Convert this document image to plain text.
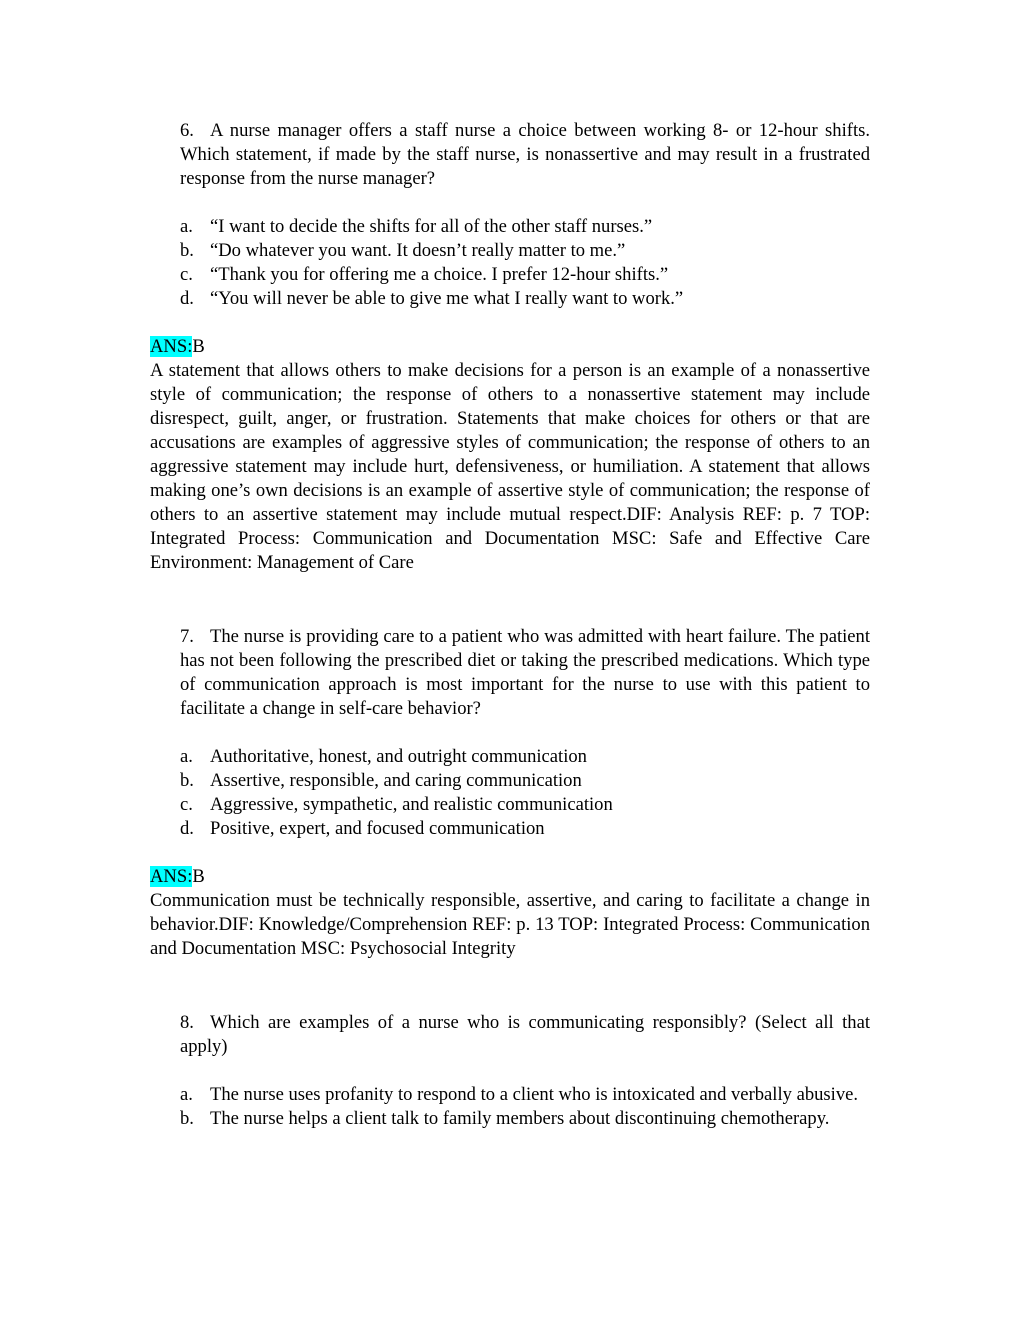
6. A nurse manager offers a staff nurse a choice between working 8- or 12-hour shifts. Which statement, if made by the staff nurse, is nonassertive and may result in a frustrated response from the nurse manager?
a. “I want to decide the shifts for all of the other staff nurses.”
b. “Do whatever you want. It doesn’t really matter to me.”
c. “Thank you for offering me a choice. I prefer 12-hour shifts.”
d. “You will never be able to give me what I really want to work.”
ANS:B
A statement that allows others to make decisions for a person is an example of a nonassertive style of communication; the response of others to a nonassertive statement may include disrespect, guilt, anger, or frustration. Statements that make choices for others or that are accusations are examples of aggressive styles of communication; the response of others to an aggressive statement may include hurt, defensiveness, or humiliation. A statement that allows making one’s own decisions is an example of assertive style of communication; the response of others to an assertive statement may include mutual respect.DIF: Analysis REF: p. 7 TOP: Integrated Process: Communication and Documentation MSC: Safe and Effective Care Environment: Management of Care
7. The nurse is providing care to a patient who was admitted with heart failure. The patient has not been following the prescribed diet or taking the prescribed medications. Which type of communication approach is most important for the nurse to use with this patient to facilitate a change in self-care behavior?
a. Authoritative, honest, and outright communication
b. Assertive, responsible, and caring communication
c. Aggressive, sympathetic, and realistic communication
d. Positive, expert, and focused communication
ANS:B
Communication must be technically responsible, assertive, and caring to facilitate a change in behavior.DIF: Knowledge/Comprehension REF: p. 13 TOP: Integrated Process: Communication and Documentation MSC: Psychosocial Integrity
8. Which are examples of a nurse who is communicating responsibly? (Select all that apply)
a. The nurse uses profanity to respond to a client who is intoxicated and verbally abusive.
b. The nurse helps a client talk to family members about discontinuing chemotherapy.
